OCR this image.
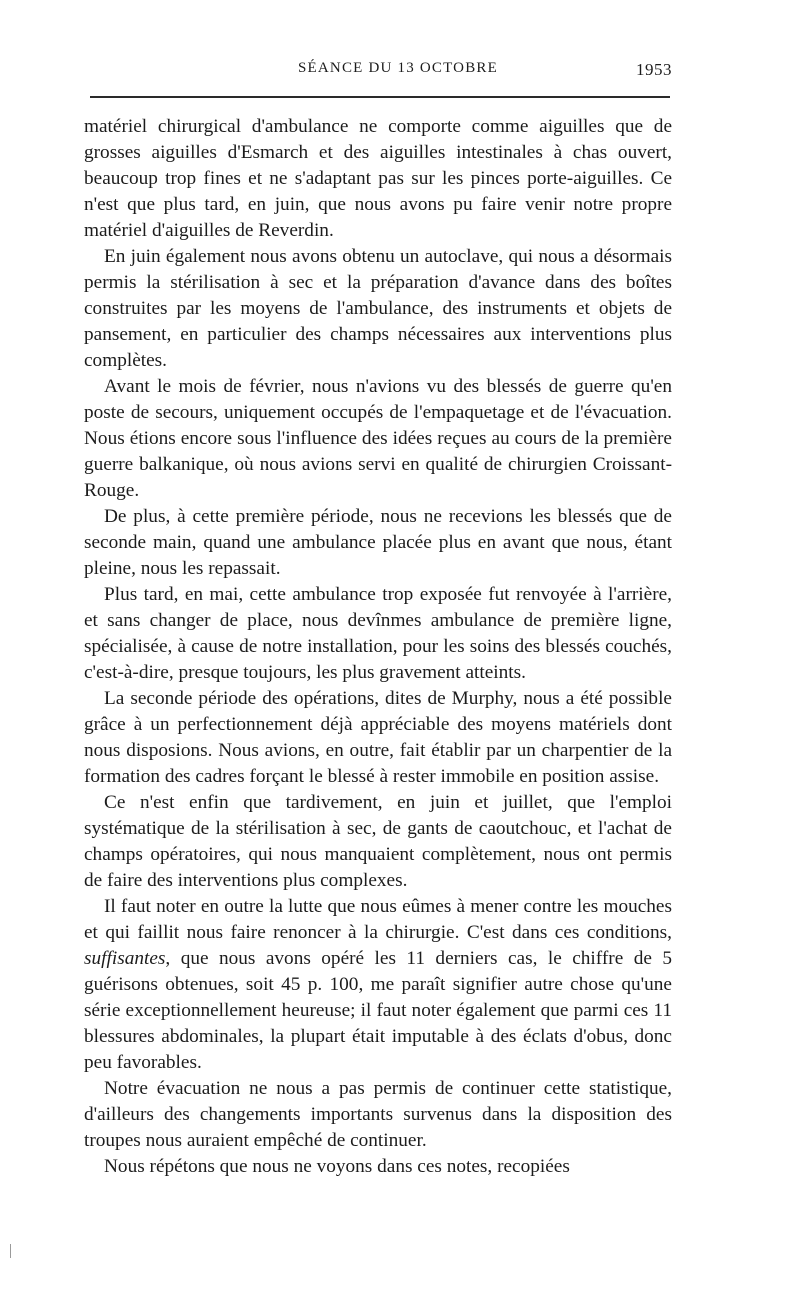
SÉANCE DU 13 OCTOBRE	1953

matériel chirurgical d'ambulance ne comporte comme aiguilles que de grosses aiguilles d'Esmarch et des aiguilles intestinales à chas ouvert, beaucoup trop fines et ne s'adaptant pas sur les pinces porte-aiguilles. Ce n'est que plus tard, en juin, que nous avons pu faire venir notre propre matériel d'aiguilles de Reverdin.

En juin également nous avons obtenu un autoclave, qui nous a désormais permis la stérilisation à sec et la préparation d'avance dans des boîtes construites par les moyens de l'ambulance, des instruments et objets de pansement, en particulier des champs nécessaires aux interventions plus complètes.

Avant le mois de février, nous n'avions vu des blessés de guerre qu'en poste de secours, uniquement occupés de l'empaquetage et de l'évacuation. Nous étions encore sous l'influence des idées reçues au cours de la première guerre balkanique, où nous avions servi en qualité de chirurgien Croissant-Rouge.

De plus, à cette première période, nous ne recevions les blessés que de seconde main, quand une ambulance placée plus en avant que nous, étant pleine, nous les repassait.

Plus tard, en mai, cette ambulance trop exposée fut renvoyée à l'arrière, et sans changer de place, nous devînmes ambulance de première ligne, spécialisée, à cause de notre installation, pour les soins des blessés couchés, c'est-à-dire, presque toujours, les plus gravement atteints.

La seconde période des opérations, dites de Murphy, nous a été possible grâce à un perfectionnement déjà appréciable des moyens matériels dont nous disposions. Nous avions, en outre, fait établir par un charpentier de la formation des cadres forçant le blessé à rester immobile en position assise.

Ce n'est enfin que tardivement, en juin et juillet, que l'emploi systématique de la stérilisation à sec, de gants de caoutchouc, et l'achat de champs opératoires, qui nous manquaient complètement, nous ont permis de faire des interventions plus complexes.

Il faut noter en outre la lutte que nous eûmes à mener contre les mouches et qui faillit nous faire renoncer à la chirurgie. C'est dans ces conditions, suffisantes, que nous avons opéré les 11 derniers cas, le chiffre de 5 guérisons obtenues, soit 45 p. 100, me paraît signifier autre chose qu'une série exceptionnellement heureuse; il faut noter également que parmi ces 11 blessures abdominales, la plupart était imputable à des éclats d'obus, donc peu favorables.

Notre évacuation ne nous a pas permis de continuer cette statistique, d'ailleurs des changements importants survenus dans la disposition des troupes nous auraient empêché de continuer.

Nous répétons que nous ne voyons dans ces notes, recopiées
